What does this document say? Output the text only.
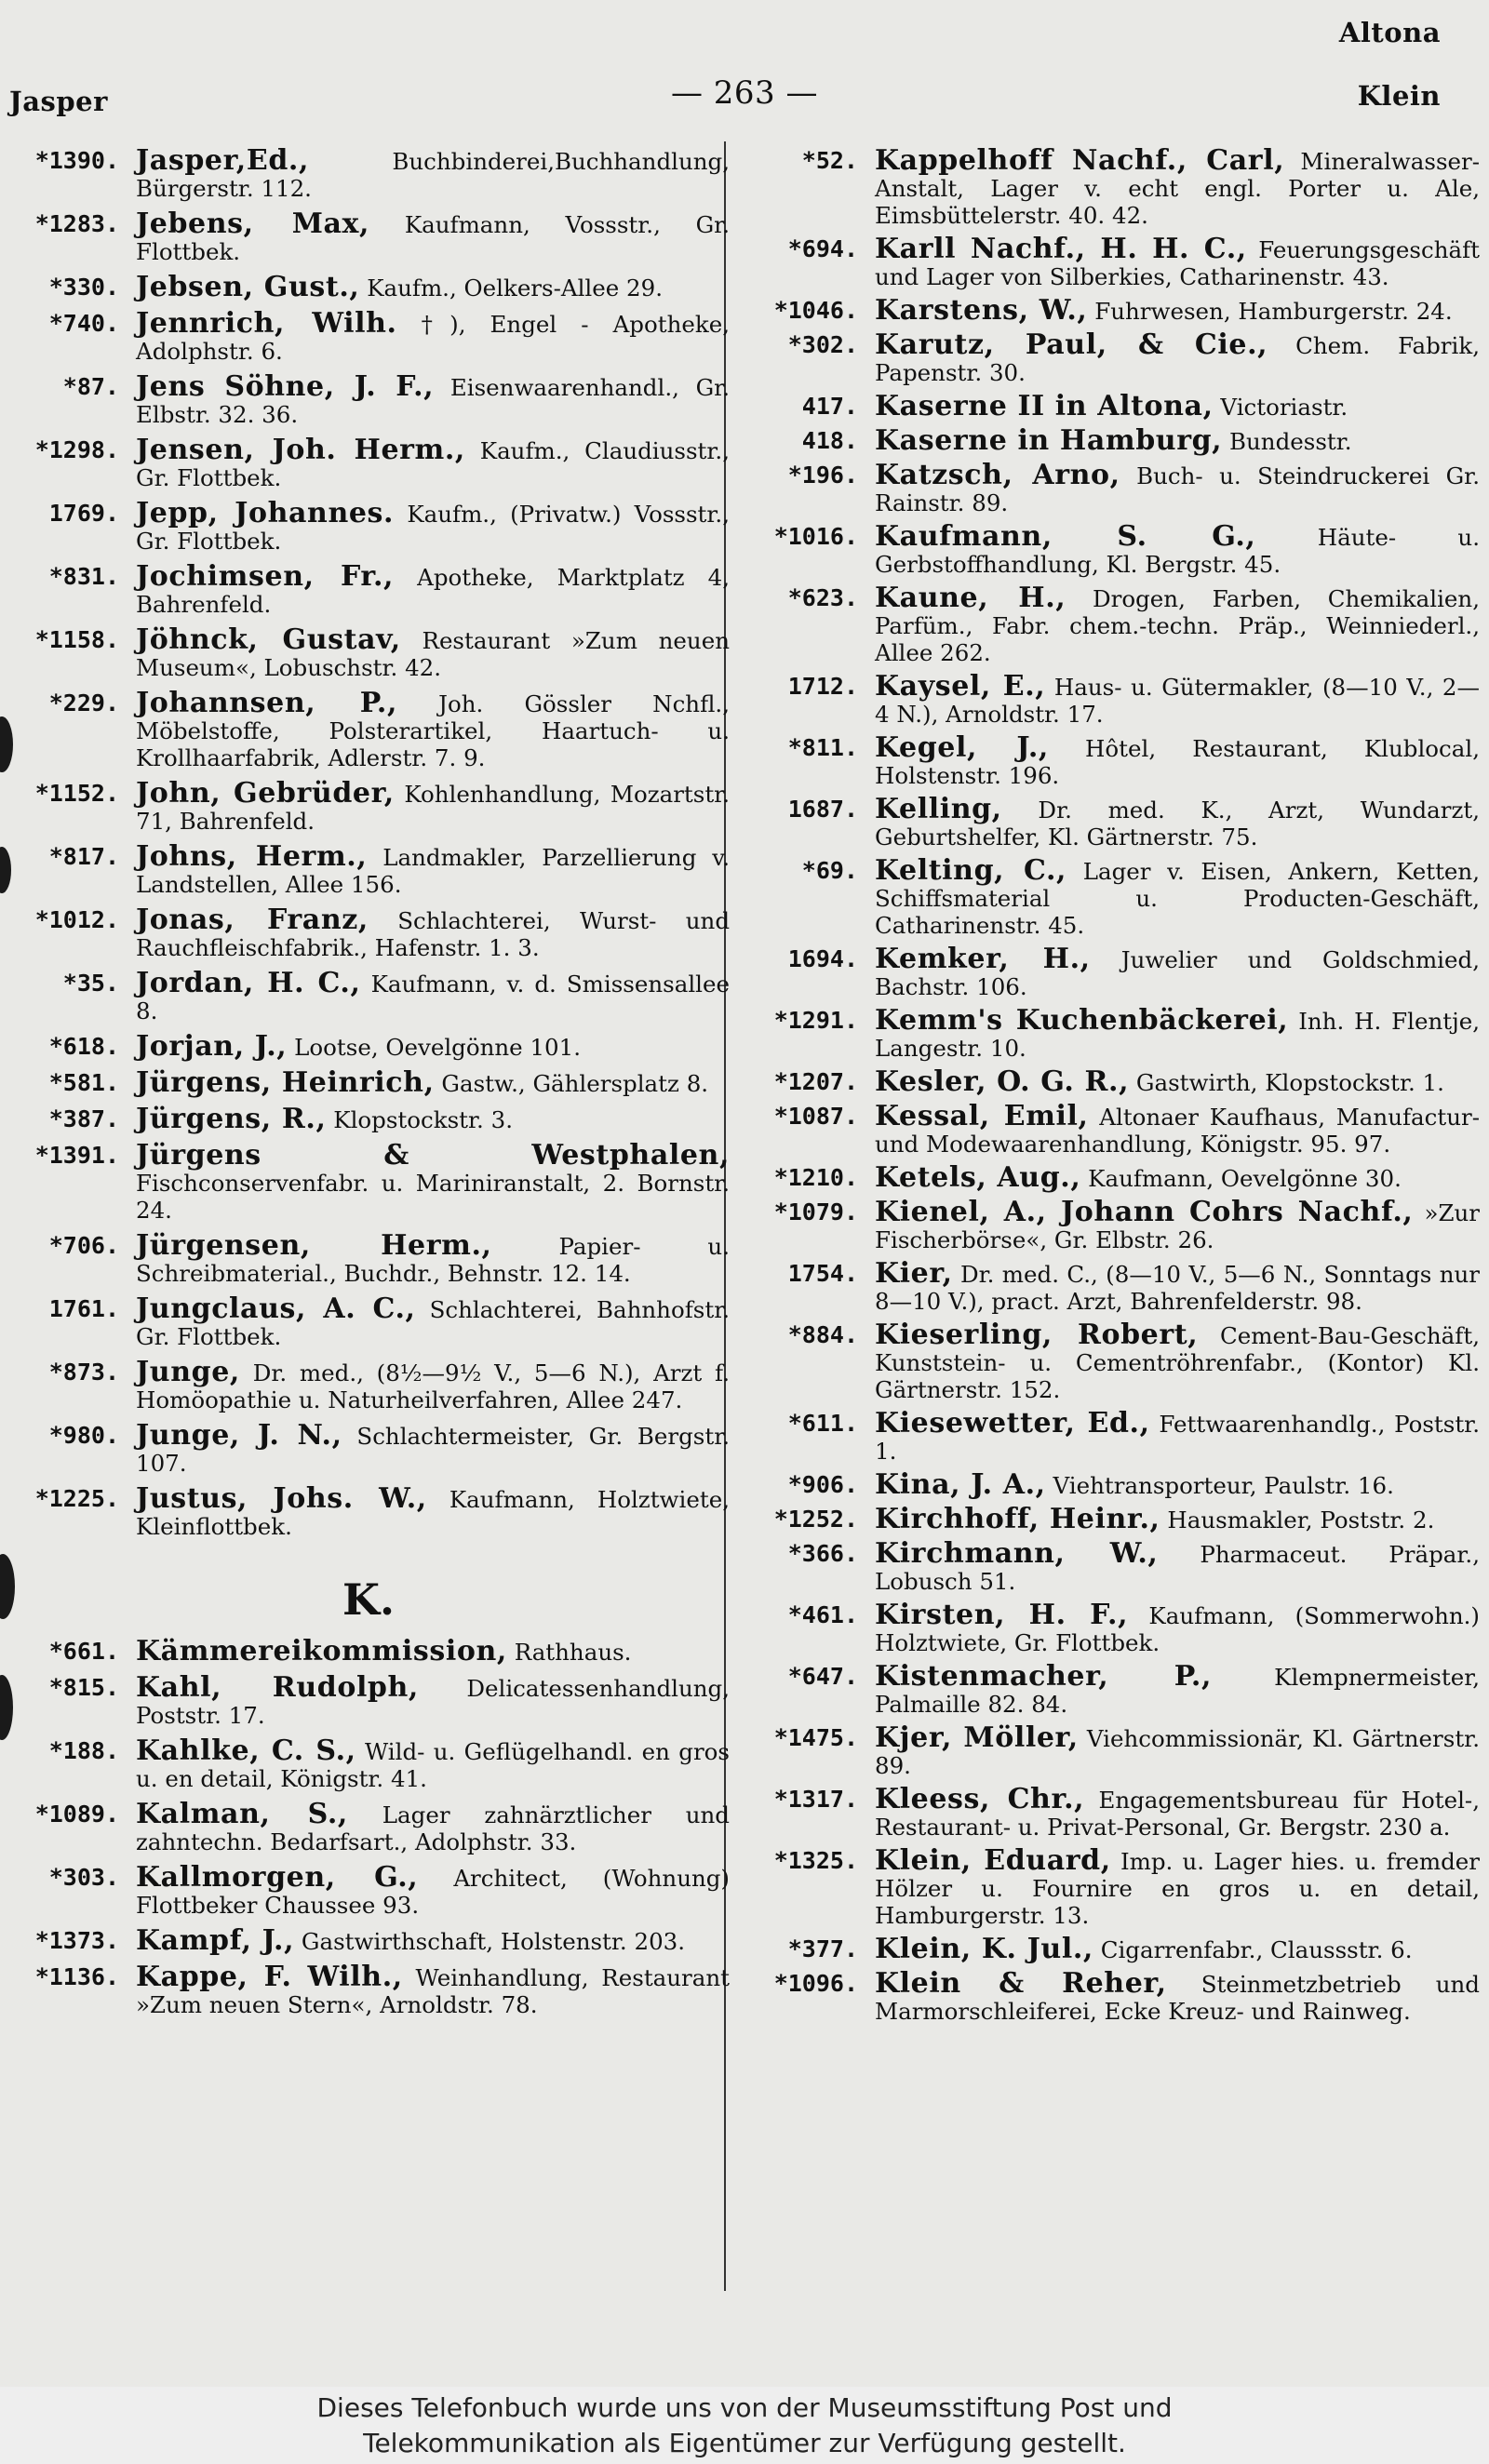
Altona
Jasper	— 263 —	Klein
*1390. Jasper,Ed., Buchbinderei,Buchhandlung, Bürgerstr. 112.
*1283. Jebens, Max, Kaufmann, Vossstr., Gr. Flottbek.
*330. Jebsen, Gust., Kaufm., Oelkers-Allee 29.
*740. Jennrich, Wilh. †), Engel - Apotheke, Adolphstr. 6.
*87. Jens Söhne, J. F., Eisenwaarenhandl., Gr. Elbstr. 32. 36.
*1298. Jensen, Joh. Herm., Kaufm., Claudiusstr., Gr. Flottbek.
1769. Jepp, Johannes. Kaufm., (Privatw.) Vossstr., Gr. Flottbek.
*831. Jochimsen, Fr., Apotheke, Marktplatz 4, Bahrenfeld.
*1158. Jöhnck, Gustav, Restaurant »Zum neuen Museum«, Lobuschstr. 42.
*229. Johannsen, P., Joh. Gössler Nchfl., Möbelstoffe, Polsterartikel, Haartuch- u. Krollhaarfabrik, Adlerstr. 7. 9.
*1152. John, Gebrüder, Kohlenhandlung, Mozartstr. 71, Bahrenfeld.
*817. Johns, Herm., Landmakler, Parzellierung v. Landstellen, Allee 156.
*1012. Jonas, Franz, Schlachterei, Wurst- und Rauchfleischfabrik., Hafenstr. 1. 3.
*35. Jordan, H. C., Kaufmann, v. d. Smissensallee 8.
*618. Jorjan, J., Lootse, Oevelgönne 101.
*581. Jürgens, Heinrich, Gastw., Gählersplatz 8.
*387. Jürgens, R., Klopstockstr. 3.
*1391. Jürgens & Westphalen, Fischconservenfabr. u. Mariniranstalt, 2. Bornstr. 24.
*706. Jürgensen, Herm., Papier- u. Schreibmaterial., Buchdr., Behnstr. 12. 14.
1761. Jungclaus, A. C., Schlachterei, Bahnhofstr. Gr. Flottbek.
*873. Junge, Dr. med., (8½—9½ V., 5—6 N.), Arzt f. Homöopathie u. Naturheilverfahren, Allee 247.
*980. Junge, J. N., Schlachtermeister, Gr. Bergstr. 107.
*1225. Justus, Johs. W., Kaufmann, Holztwiete, Kleinflottbek.
K.
*661. Kämmereikommission, Rathhaus.
*815. Kahl, Rudolph, Delicatessenhandlung, Poststr. 17.
*188. Kahlke, C. S., Wild- u. Geflügelhandl. en gros u. en detail, Königstr. 41.
*1089. Kalman, S., Lager zahnärztlicher und zahntechn. Bedarfsart., Adolphstr. 33.
*303. Kallmorgen, G., Architect, (Wohnung) Flottbeker Chaussee 93.
*1373. Kampf, J., Gastwirthschaft, Holstenstr. 203.
*1136. Kappe, F. Wilh., Weinhandlung, Restaurant »Zum neuen Stern«, Arnoldstr. 78.
*52. Kappelhoff Nachf., Carl, Mineralwasser-Anstalt, Lager v. echt engl. Porter u. Ale, Eimsbüttelerstr. 40. 42.
*694. Karll Nachf., H. H. C., Feuerungsgeschäft und Lager von Silberkies, Catharinenstr. 43.
*1046. Karstens, W., Fuhrwesen, Hamburgerstr. 24.
*302. Karutz, Paul, & Cie., Chem. Fabrik, Papenstr. 30.
417. Kaserne II in Altona, Victoriastr.
418. Kaserne in Hamburg, Bundesstr.
*196. Katzsch, Arno, Buch- u. Steindruckerei Gr. Rainstr. 89.
*1016. Kaufmann, S. G., Häute- u. Gerbstoffhandlung, Kl. Bergstr. 45.
*623. Kaune, H., Drogen, Farben, Chemikalien, Parfüm., Fabr. chem.-techn. Präp., Weinniederl., Allee 262.
1712. Kaysel, E., Haus- u. Gütermakler, (8—10 V., 2—4 N.), Arnoldstr. 17.
*811. Kegel, J., Hôtel, Restaurant, Klublocal, Holstenstr. 196.
1687. Kelling, Dr. med. K., Arzt, Wundarzt, Geburtshelfer, Kl. Gärtnerstr. 75.
*69. Kelting, C., Lager v. Eisen, Ankern, Ketten, Schiffsmaterial u. Producten-Geschäft, Catharinenstr. 45.
1694. Kemker, H., Juwelier und Goldschmied, Bachstr. 106.
*1291. Kemm's Kuchenbäckerei, Inh. H. Flentje, Langestr. 10.
*1207. Kesler, O. G. R., Gastwirth, Klopstockstr. 1.
*1087. Kessal, Emil, Altonaer Kaufhaus, Manufactur- und Modewaarenhandlung, Königstr. 95. 97.
*1210. Ketels, Aug., Kaufmann, Oevelgönne 30.
*1079. Kienel, A., Johann Cohrs Nachf., »Zur Fischerbörse«, Gr. Elbstr. 26.
1754. Kier, Dr. med. C., (8—10 V., 5—6 N., Sonntags nur 8—10 V.), pract. Arzt, Bahrenfelderstr. 98.
*884. Kieserling, Robert, Cement-Bau-Geschäft, Kunststein- u. Cementröhrenfabr., (Kontor) Kl. Gärtnerstr. 152.
*611. Kiesewetter, Ed., Fettwaarenhandlg., Poststr. 1.
*906. Kina, J. A., Viehtransporteur, Paulstr. 16.
*1252. Kirchhoff, Heinr., Hausmakler, Poststr. 2.
*366. Kirchmann, W., Pharmaceut. Präpar., Lobusch 51.
*461. Kirsten, H. F., Kaufmann, (Sommerwohn.) Holztwiete, Gr. Flottbek.
*647. Kistenmacher, P., Klempnermeister, Palmaille 82. 84.
*1475. Kjer, Möller, Viehcommissionär, Kl. Gärtnerstr. 89.
*1317. Kleess, Chr., Engagementsbureau für Hotel-, Restaurant- u. Privat-Personal, Gr. Bergstr. 230 a.
*1325. Klein, Eduard, Imp. u. Lager hies. u. fremder Hölzer u. Fournire en gros u. en detail, Hamburgerstr. 13.
*377. Klein, K. Jul., Cigarrenfabr., Claussstr. 6.
*1096. Klein & Reher, Steinmetzbetrieb und Marmorschleiferei, Ecke Kreuz- und Rainweg.
Dieses Telefonbuch wurde uns von der Museumsstiftung Post und
Telekommunikation als Eigentümer zur Verfügung gestellt.
